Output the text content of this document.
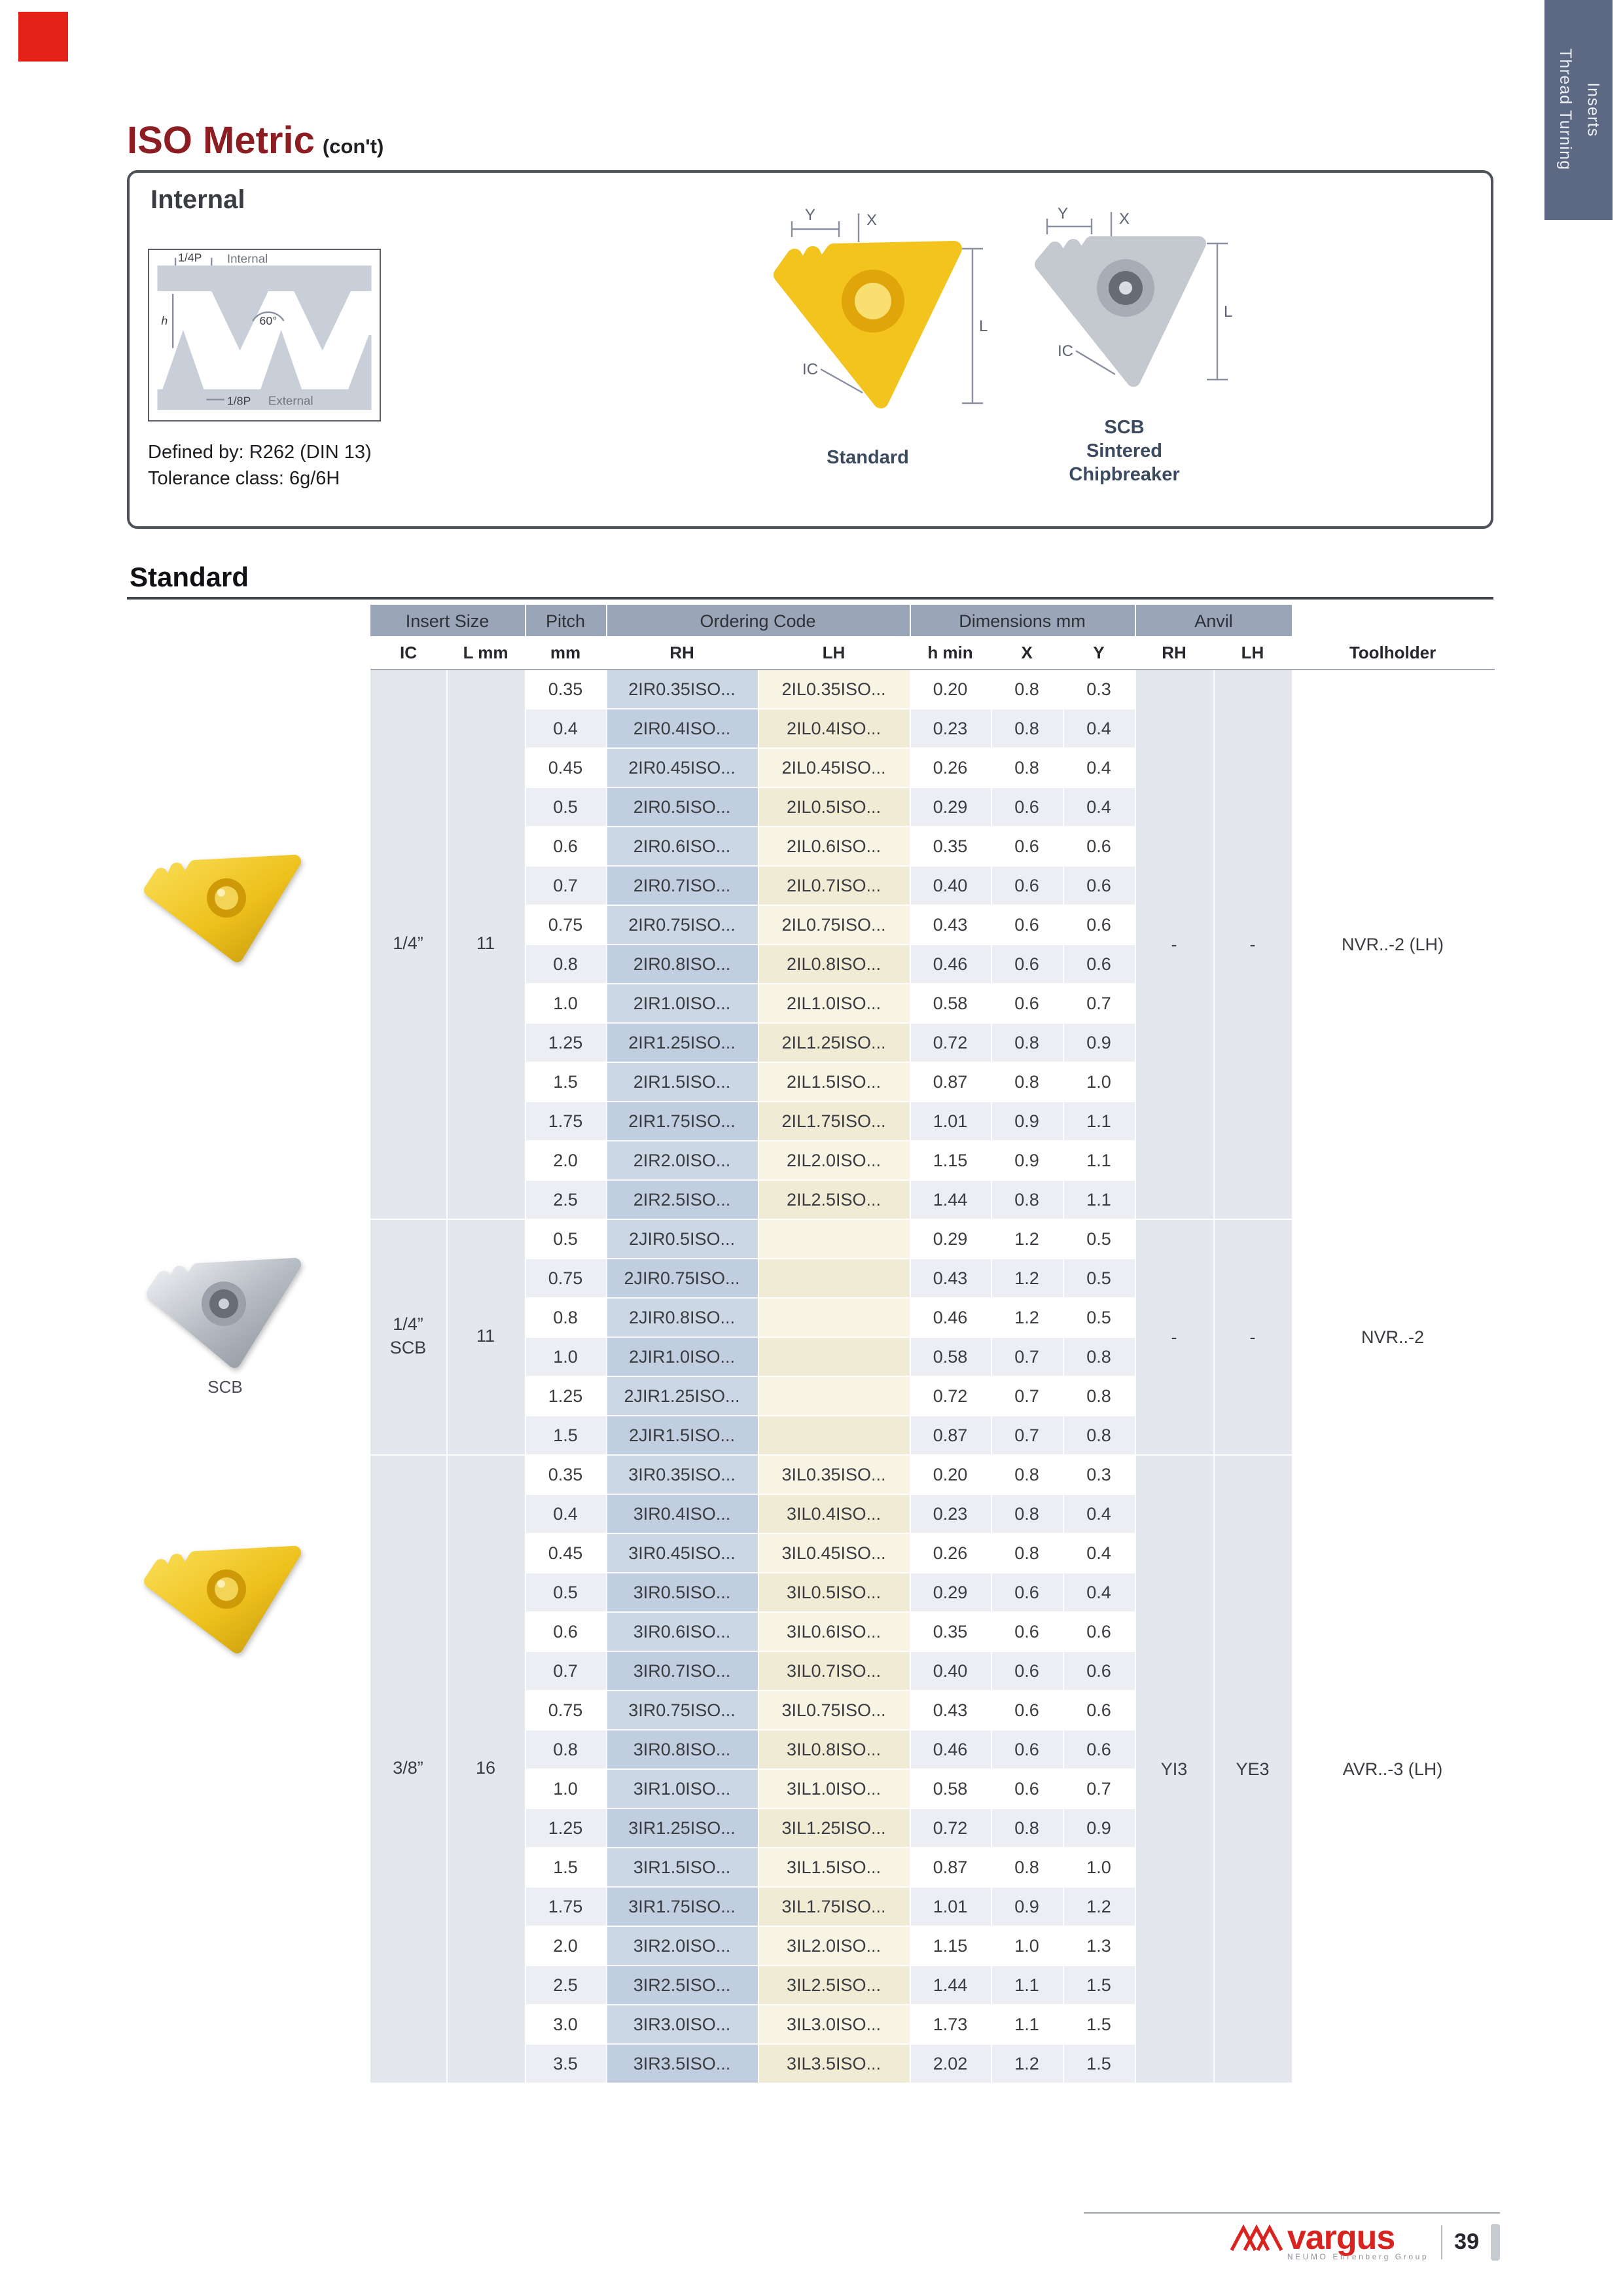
Thread Turning	Inserts
ISO Metric (con't)
Internal
1/4P	Internal
60°
h
1/8P	External
Defined by: R262 (DIN 13)
Tolerance class: 6g/6H
Y	X
L
IC
Standard
Y	X
L
IC
SCB
Sintered
Chipbreaker
Standard
SCB
Insert Size		Pitch	Ordering Code		Dimensions mm			Anvil		
IC	L mm	mm	RH	LH	h min	X	Y	RH	LH	Toolholder

1/4”	11	0.35	2IR0.35ISO...	2IL0.35ISO...	0.20	0.8	0.3	-	-	NVR..-2 (LH)
		0.4	2IR0.4ISO...	2IL0.4ISO...	0.23	0.8	0.4			
		0.45	2IR0.45ISO...	2IL0.45ISO...	0.26	0.8	0.4			
		0.5	2IR0.5ISO...	2IL0.5ISO...	0.29	0.6	0.4			
		0.6	2IR0.6ISO...	2IL0.6ISO...	0.35	0.6	0.6			
		0.7	2IR0.7ISO...	2IL0.7ISO...	0.40	0.6	0.6			
		0.75	2IR0.75ISO...	2IL0.75ISO...	0.43	0.6	0.6			
		0.8	2IR0.8ISO...	2IL0.8ISO...	0.46	0.6	0.6			
		1.0	2IR1.0ISO...	2IL1.0ISO...	0.58	0.6	0.7			
		1.25	2IR1.25ISO...	2IL1.25ISO...	0.72	0.8	0.9			
		1.5	2IR1.5ISO...	2IL1.5ISO...	0.87	0.8	1.0			
		1.75	2IR1.75ISO...	2IL1.75ISO...	1.01	0.9	1.1			
		2.0	2IR2.0ISO...	2IL2.0ISO...	1.15	0.9	1.1			
		2.5	2IR2.5ISO...	2IL2.5ISO...	1.44	0.8	1.1			

1/4”
SCB	11	0.5	2JIR0.5ISO...		0.29	1.2	0.5	-	-	NVR..-2
		0.75	2JIR0.75ISO...		0.43	1.2	0.5			
		0.8	2JIR0.8ISO...		0.46	1.2	0.5			
		1.0	2JIR1.0ISO...		0.58	0.7	0.8			
		1.25	2JIR1.25ISO...		0.72	0.7	0.8			
		1.5	2JIR1.5ISO...		0.87	0.7	0.8			

3/8”	16	0.35	3IR0.35ISO...	3IL0.35ISO...	0.20	0.8	0.3	YI3	YE3	AVR..-3 (LH)
		0.4	3IR0.4ISO...	3IL0.4ISO...	0.23	0.8	0.4			
		0.45	3IR0.45ISO...	3IL0.45ISO...	0.26	0.8	0.4			
		0.5	3IR0.5ISO...	3IL0.5ISO...	0.29	0.6	0.4			
		0.6	3IR0.6ISO...	3IL0.6ISO...	0.35	0.6	0.6			
		0.7	3IR0.7ISO...	3IL0.7ISO...	0.40	0.6	0.6			
		0.75	3IR0.75ISO...	3IL0.75ISO...	0.43	0.6	0.6			
		0.8	3IR0.8ISO...	3IL0.8ISO...	0.46	0.6	0.6			
		1.0	3IR1.0ISO...	3IL1.0ISO...	0.58	0.6	0.7			
		1.25	3IR1.25ISO...	3IL1.25ISO...	0.72	0.8	0.9			
		1.5	3IR1.5ISO...	3IL1.5ISO...	0.87	0.8	1.0			
		1.75	3IR1.75ISO...	3IL1.75ISO...	1.01	0.9	1.2			
		2.0	3IR2.0ISO...	3IL2.0ISO...	1.15	1.0	1.3			
		2.5	3IR2.5ISO...	3IL2.5ISO...	1.44	1.1	1.5			
		3.0	3IR3.0ISO...	3IL3.0ISO...	1.73	1.1	1.5			
		3.5	3IR3.5ISO...	3IL3.5ISO...	2.02	1.2	1.5			
vargus
NEUMO Ehrenberg Group
39
